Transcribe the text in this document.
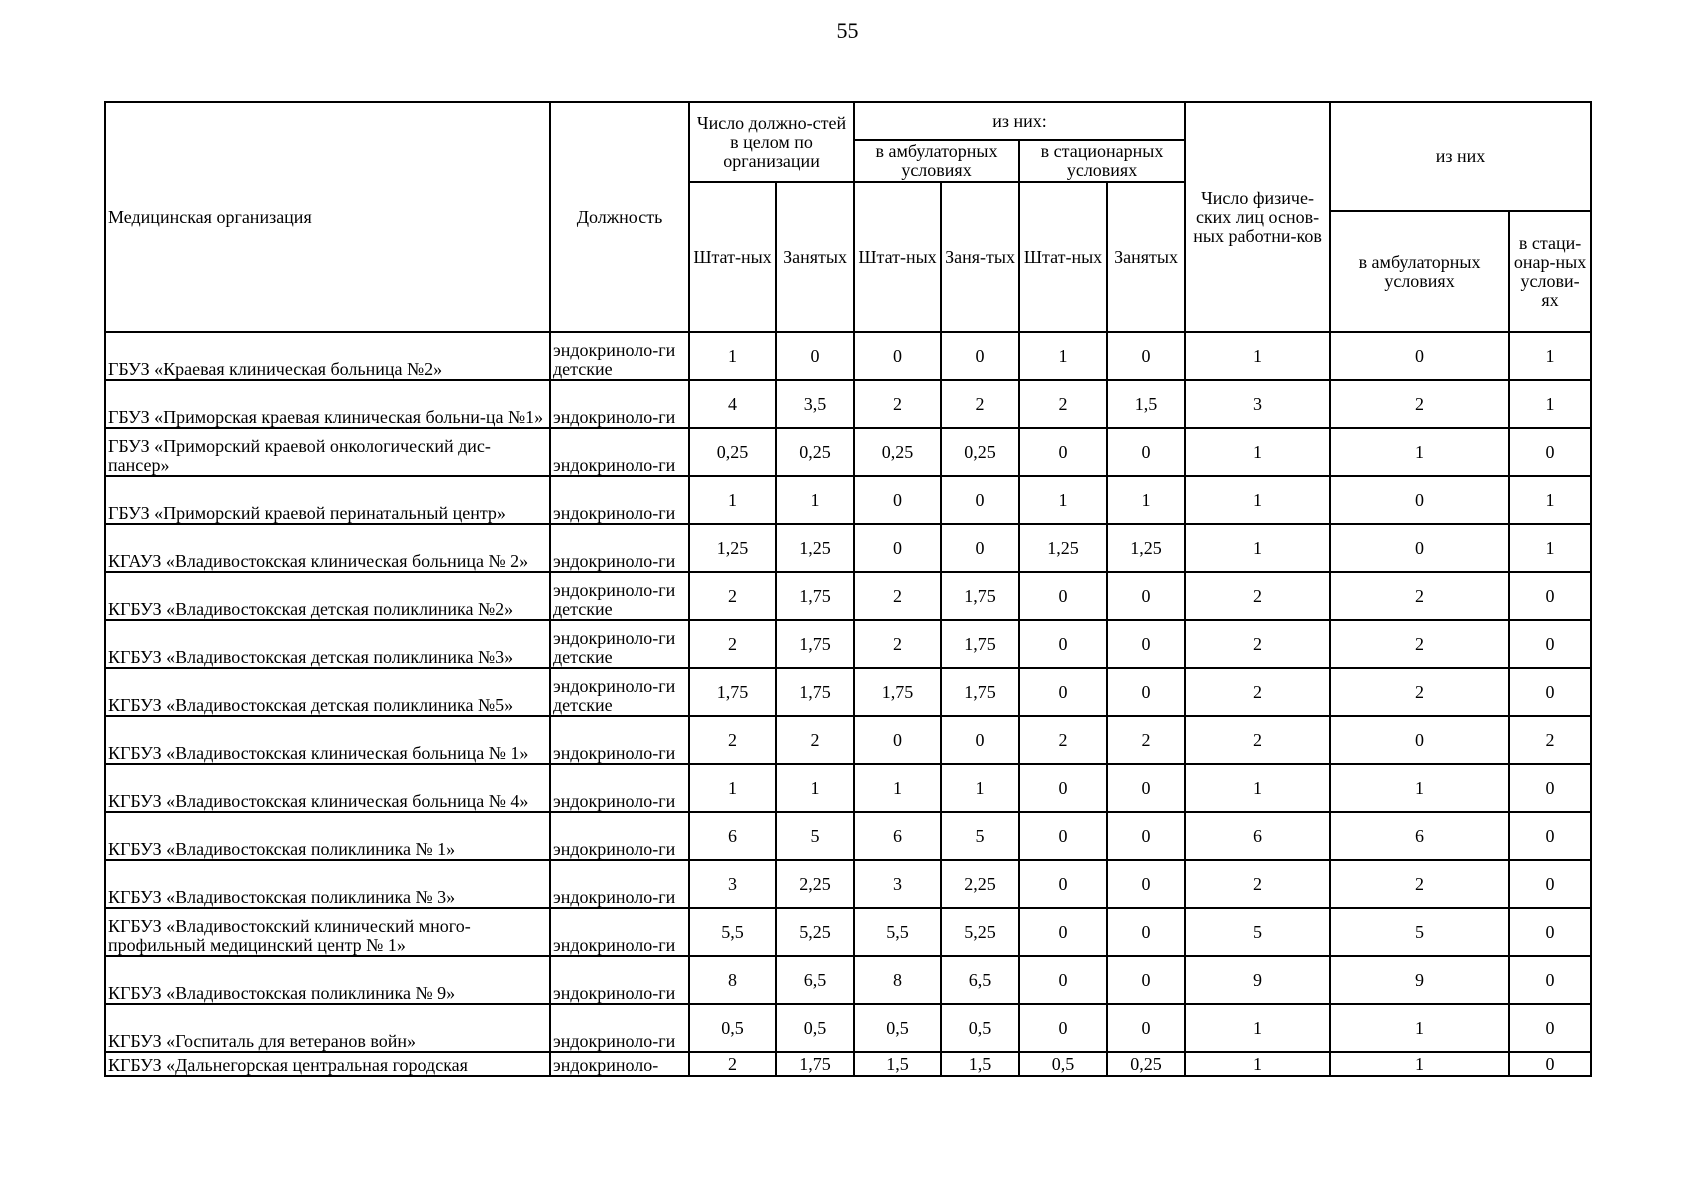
55
Медицинская организация	Должность	Число должно-стей в целом по организации		из них:				Число физиче-ских лиц основ-ных работни-ков	из них	
				в амбулаторных условиях		в стационарных условиях				
		Штат-ных	Занятых	Штат-ных	Заня-тых	Штат-ных	Занятых			
									в амбулаторных условиях	в стаци-онар-ных услови-ях
ГБУЗ «Краевая клиническая больница №2»	эндокриноло-ги детские	1	0	0	0	1	0	1	0	1
ГБУЗ «Приморская краевая клиническая больни-ца №1»	эндокриноло-ги	4	3,5	2	2	2	1,5	3	2	1
ГБУЗ «Приморский краевой онкологический дис-пансер»	эндокриноло-ги	0,25	0,25	0,25	0,25	0	0	1	1	0
ГБУЗ «Приморский краевой перинатальный центр»	эндокриноло-ги	1	1	0	0	1	1	1	0	1
КГАУЗ «Владивостокская клиническая больница № 2»	эндокриноло-ги	1,25	1,25	0	0	1,25	1,25	1	0	1
КГБУЗ «Владивостокская детская поликлиника №2»	эндокриноло-ги детские	2	1,75	2	1,75	0	0	2	2	0
КГБУЗ «Владивостокская детская поликлиника №3»	эндокриноло-ги детские	2	1,75	2	1,75	0	0	2	2	0
КГБУЗ «Владивостокская детская поликлиника №5»	эндокриноло-ги детские	1,75	1,75	1,75	1,75	0	0	2	2	0
КГБУЗ «Владивостокская клиническая больница № 1»	эндокриноло-ги	2	2	0	0	2	2	2	0	2
КГБУЗ «Владивостокская клиническая больница № 4»	эндокриноло-ги	1	1	1	1	0	0	1	1	0
КГБУЗ «Владивостокская поликлиника № 1»	эндокриноло-ги	6	5	6	5	0	0	6	6	0
КГБУЗ «Владивостокская поликлиника № 3»	эндокриноло-ги	3	2,25	3	2,25	0	0	2	2	0
КГБУЗ «Владивостокский клинический много-профильный медицинский центр № 1»	эндокриноло-ги	5,5	5,25	5,5	5,25	0	0	5	5	0
КГБУЗ «Владивостокская поликлиника № 9»	эндокриноло-ги	8	6,5	8	6,5	0	0	9	9	0
КГБУЗ «Госпиталь для ветеранов войн»	эндокриноло-ги	0,5	0,5	0,5	0,5	0	0	1	1	0
КГБУЗ «Дальнегорская центральная городская	эндокриноло-	2	1,75	1,5	1,5	0,5	0,25	1	1	0
